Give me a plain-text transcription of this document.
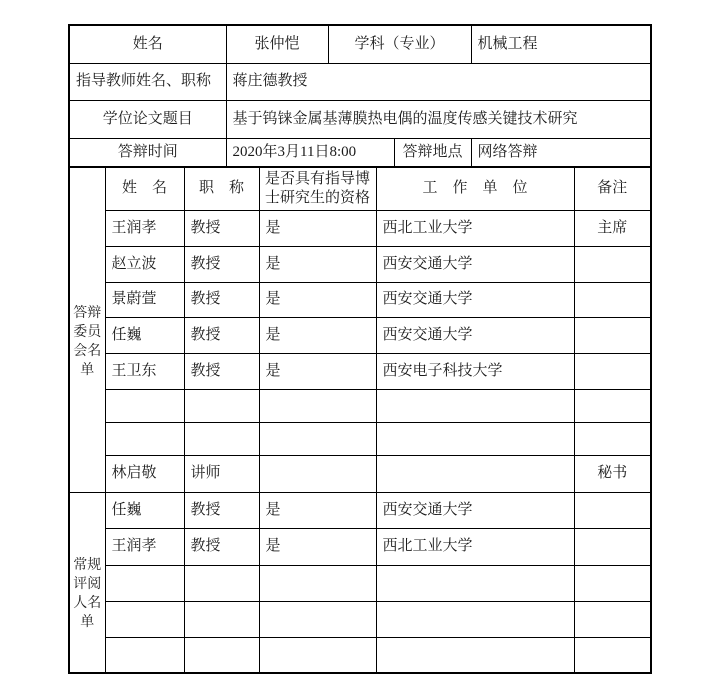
姓名	张仲恺	学科（专业）		机械工程
指导教师姓名、职称	蒋庄德教授			
学位论文题目	基于钨铼金属基薄膜热电偶的温度传感关键技术研究			
答辩时间	2020年3月11日8:00		答辩地点	网络答辩
答辩委员会名单	姓　名	职　称	是否具有指导博士研究生的资格	工　作　单　位	备注
	王润孝	教授	是	西北工业大学	主席
	赵立波	教授	是	西安交通大学	
	景蔚萱	教授	是	西安交通大学	
	任巍	教授	是	西安交通大学	
	王卫东	教授	是	西安电子科技大学	

	林启敬	讲师			秘书
常规评阅人名单	任巍	教授	是	西安交通大学	
	王润孝	教授	是	西北工业大学	
